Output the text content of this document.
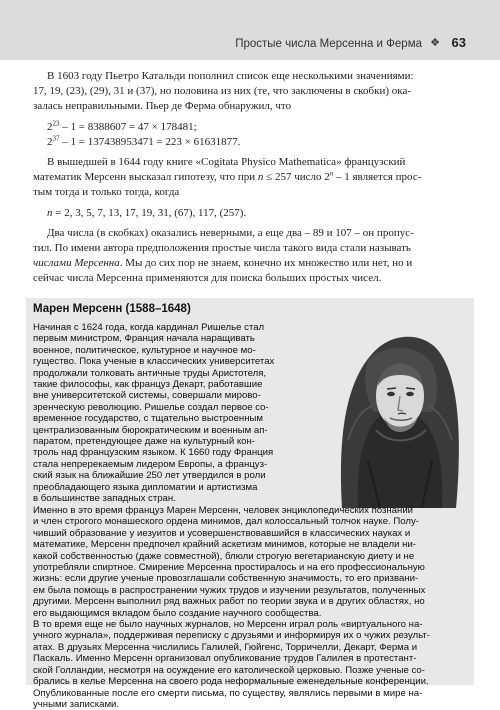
Простые числа Мерсенна и Ферма ❖ 63

В 1603 году Пьетро Катальди пополнил список еще несколькими значениями:
17, 19, (23), (29), 31 и (37), но половина из них (те, что заключены в скобки) ока-
залась неправильными. Пьер де Ферма обнаружил, что

$2^{23} - 1 = 8388607 = 47 \times 178481$;
$2^{37} - 1 = 137438953471 = 223 \times 61631877$.

В вышедшей в 1644 году книге «Cogitata Physico Mathematica» французский
математик Мерсенн высказал гипотезу, что при n ≤ 257 число 2$^n$ – 1 является прос-
тым тогда и только тогда, когда

n = 2, 3, 5, 7, 13, 17, 19, 31, (67), 117, (257).

Два числа (в скобках) оказались неверными, а еще два – 89 и 107 – он пропус-
тил. По имени автора предположения простые числа такого вида стали называть
числами Мерсенна. Мы до сих пор не знаем, конечно их множество или нет, но и
сейчас числа Мерсенна применяются для поиска больших простых чисел.

Марен Мерсенн (1588–1648)
Начиная с 1624 года, когда кардинал Ришелье стал
первым министром, Франция начала наращивать
военное, политическое, культурное и научное мо-
гущество. Пока ученые в классических университетах
продолжали толковать античные труды Аристотеля,
такие философы, как француз Декарт, работавшие
вне университетской системы, совершали мирово-
зренческую революцию. Ришелье создал первое со-
временное государство, с тщательно выстроенным
централизованным бюрократическим и военным ап-
паратом, претендующее даже на культурный кон-
троль над французским языком. К 1660 году Франция
стала непререкаемым лидером Европы, а француз-
ский язык на ближайшие 250 лет утвердился в роли
преобладающего языка дипломатии и артистизма
в большинстве западных стран.
Именно в это время француз Марен Мерсенн, человек энциклопедических познаний
и член строгого монашеского ордена минимов, дал колоссальный толчок науке. Полу-
чивший образование у иезуитов и усовершенствовавшийся в классических науках и
математике, Мерсенн предпочел крайний аскетизм минимов, которые не владели ни-
какой собственностью (даже совместной), блюли строгую вегетарианскую диету и не
употребляли спиртное. Смирение Мерсенна простиралось и на его профессиональную
жизнь: если другие ученые провозглашали собственную значимость, то его призвани-
ем была помощь в распространении чужих трудов и изучении результатов, полученных
другими. Мерсенн выполнил ряд важных работ по теории звука и в других областях, но
его выдающимся вкладом было создание научного сообщества.
В то время еще не было научных журналов, но Мерсенн играл роль «виртуального на-
учного журнала», поддерживая переписку с друзьями и информируя их о чужих результ-
атах. В друзьях Мерсенна числились Галилей, Гюйгенс, Торричелли, Декарт, Ферма и
Паскаль. Именно Мерсенн организовал опубликование трудов Галилея в протестант-
ской Голландии, несмотря на осуждение его католической церковью. Позже ученые со-
брались в келье Мерсенна на своего рода неформальные еженедельные конференции.
Опубликованные после его смерти письма, по существу, являлись первыми в мире на-
учными записками.
